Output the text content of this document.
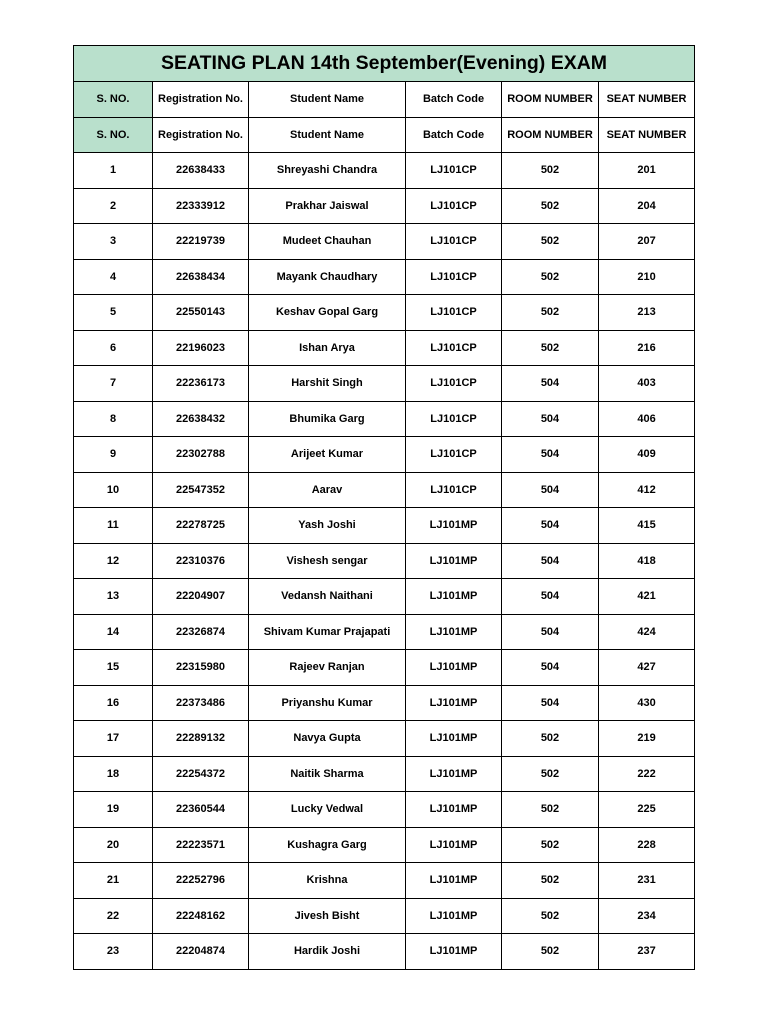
SEATING PLAN 14th September(Evening) EXAM					
S. NO.	Registration No.	Student Name	Batch Code	ROOM NUMBER	SEAT NUMBER
S. NO.	Registration No.	Student Name	Batch Code	ROOM NUMBER	SEAT NUMBER
1	22638433	Shreyashi Chandra	LJ101CP	502	201
2	22333912	Prakhar Jaiswal	LJ101CP	502	204
3	22219739	Mudeet Chauhan	LJ101CP	502	207
4	22638434	Mayank Chaudhary	LJ101CP	502	210
5	22550143	Keshav Gopal Garg	LJ101CP	502	213
6	22196023	Ishan Arya	LJ101CP	502	216
7	22236173	Harshit Singh	LJ101CP	504	403
8	22638432	Bhumika Garg	LJ101CP	504	406
9	22302788	Arijeet Kumar	LJ101CP	504	409
10	22547352	Aarav	LJ101CP	504	412
11	22278725	Yash Joshi	LJ101MP	504	415
12	22310376	Vishesh sengar	LJ101MP	504	418
13	22204907	Vedansh Naithani	LJ101MP	504	421
14	22326874	Shivam Kumar Prajapati	LJ101MP	504	424
15	22315980	Rajeev Ranjan	LJ101MP	504	427
16	22373486	Priyanshu Kumar	LJ101MP	504	430
17	22289132	Navya Gupta	LJ101MP	502	219
18	22254372	Naitik Sharma	LJ101MP	502	222
19	22360544	Lucky Vedwal	LJ101MP	502	225
20	22223571	Kushagra Garg	LJ101MP	502	228
21	22252796	Krishna	LJ101MP	502	231
22	22248162	Jivesh Bisht	LJ101MP	502	234
23	22204874	Hardik Joshi	LJ101MP	502	237
